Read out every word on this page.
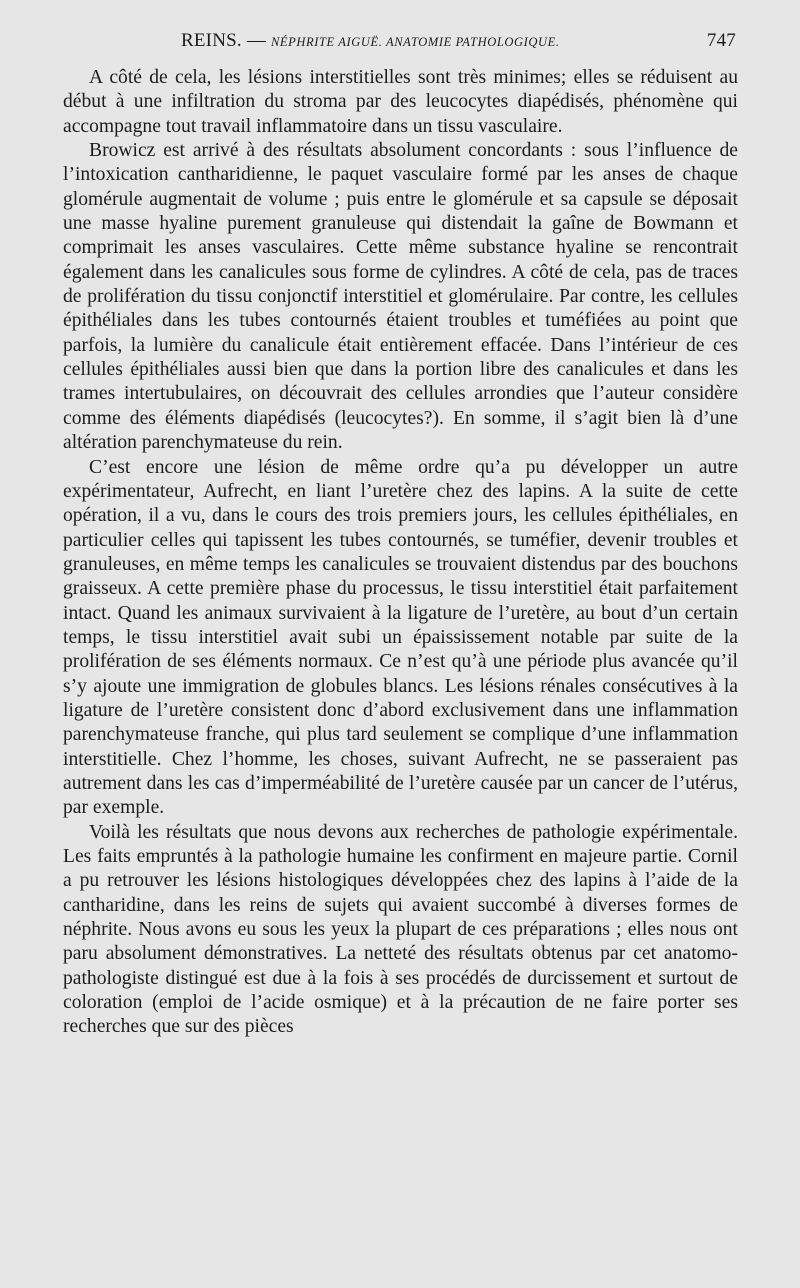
REINS. — NÉPHRITE AIGUË. ANATOMIE PATHOLOGIQUE.	747

A côté de cela, les lésions interstitielles sont très minimes; elles se réduisent au début à une infiltration du stroma par des leucocytes diapédisés, phénomène qui accompagne tout travail inflammatoire dans un tissu vasculaire.

Browicz est arrivé à des résultats absolument concordants : sous l’influence de l’intoxication cantharidienne, le paquet vasculaire formé par les anses de chaque glomérule augmentait de volume ; puis entre le glomérule et sa capsule se déposait une masse hyaline purement granuleuse qui distendait la gaîne de Bowmann et comprimait les anses vasculaires. Cette même substance hyaline se rencontrait également dans les canalicules sous forme de cylindres. A côté de cela, pas de traces de prolifération du tissu conjonctif interstitiel et glomérulaire. Par contre, les cellules épithéliales dans les tubes contournés étaient troubles et tuméfiées au point que parfois, la lumière du canalicule était entièrement effacée. Dans l’intérieur de ces cellules épithéliales aussi bien que dans la portion libre des canalicules et dans les trames intertubulaires, on découvrait des cellules arrondies que l’auteur considère comme des éléments diapédisés (leucocytes?). En somme, il s’agit bien là d’une altération parenchymateuse du rein.

C’est encore une lésion de même ordre qu’a pu développer un autre expérimentateur, Aufrecht, en liant l’uretère chez des lapins. A la suite de cette opération, il a vu, dans le cours des trois premiers jours, les cellules épithéliales, en particulier celles qui tapissent les tubes contournés, se tuméfier, devenir troubles et granuleuses, en même temps les canalicules se trouvaient distendus par des bouchons graisseux. A cette première phase du processus, le tissu interstitiel était parfaitement intact. Quand les animaux survivaient à la ligature de l’uretère, au bout d’un certain temps, le tissu interstitiel avait subi un épaississement notable par suite de la prolifération de ses éléments normaux. Ce n’est qu’à une période plus avancée qu’il s’y ajoute une immigration de globules blancs. Les lésions rénales consécutives à la ligature de l’uretère consistent donc d’abord exclusivement dans une inflammation parenchymateuse franche, qui plus tard seulement se complique d’une inflammation interstitielle. Chez l’homme, les choses, suivant Aufrecht, ne se passeraient pas autrement dans les cas d’imperméabilité de l’uretère causée par un cancer de l’utérus, par exemple.

Voilà les résultats que nous devons aux recherches de pathologie expérimentale. Les faits empruntés à la pathologie humaine les confirment en majeure partie. Cornil a pu retrouver les lésions histologiques développées chez des lapins à l’aide de la cantharidine, dans les reins de sujets qui avaient succombé à diverses formes de néphrite. Nous avons eu sous les yeux la plupart de ces préparations ; elles nous ont paru absolument démonstratives. La netteté des résultats obtenus par cet anatomo-pathologiste distingué est due à la fois à ses procédés de durcissement et surtout de coloration (emploi de l’acide osmique) et à la précaution de ne faire porter ses recherches que sur des pièces
